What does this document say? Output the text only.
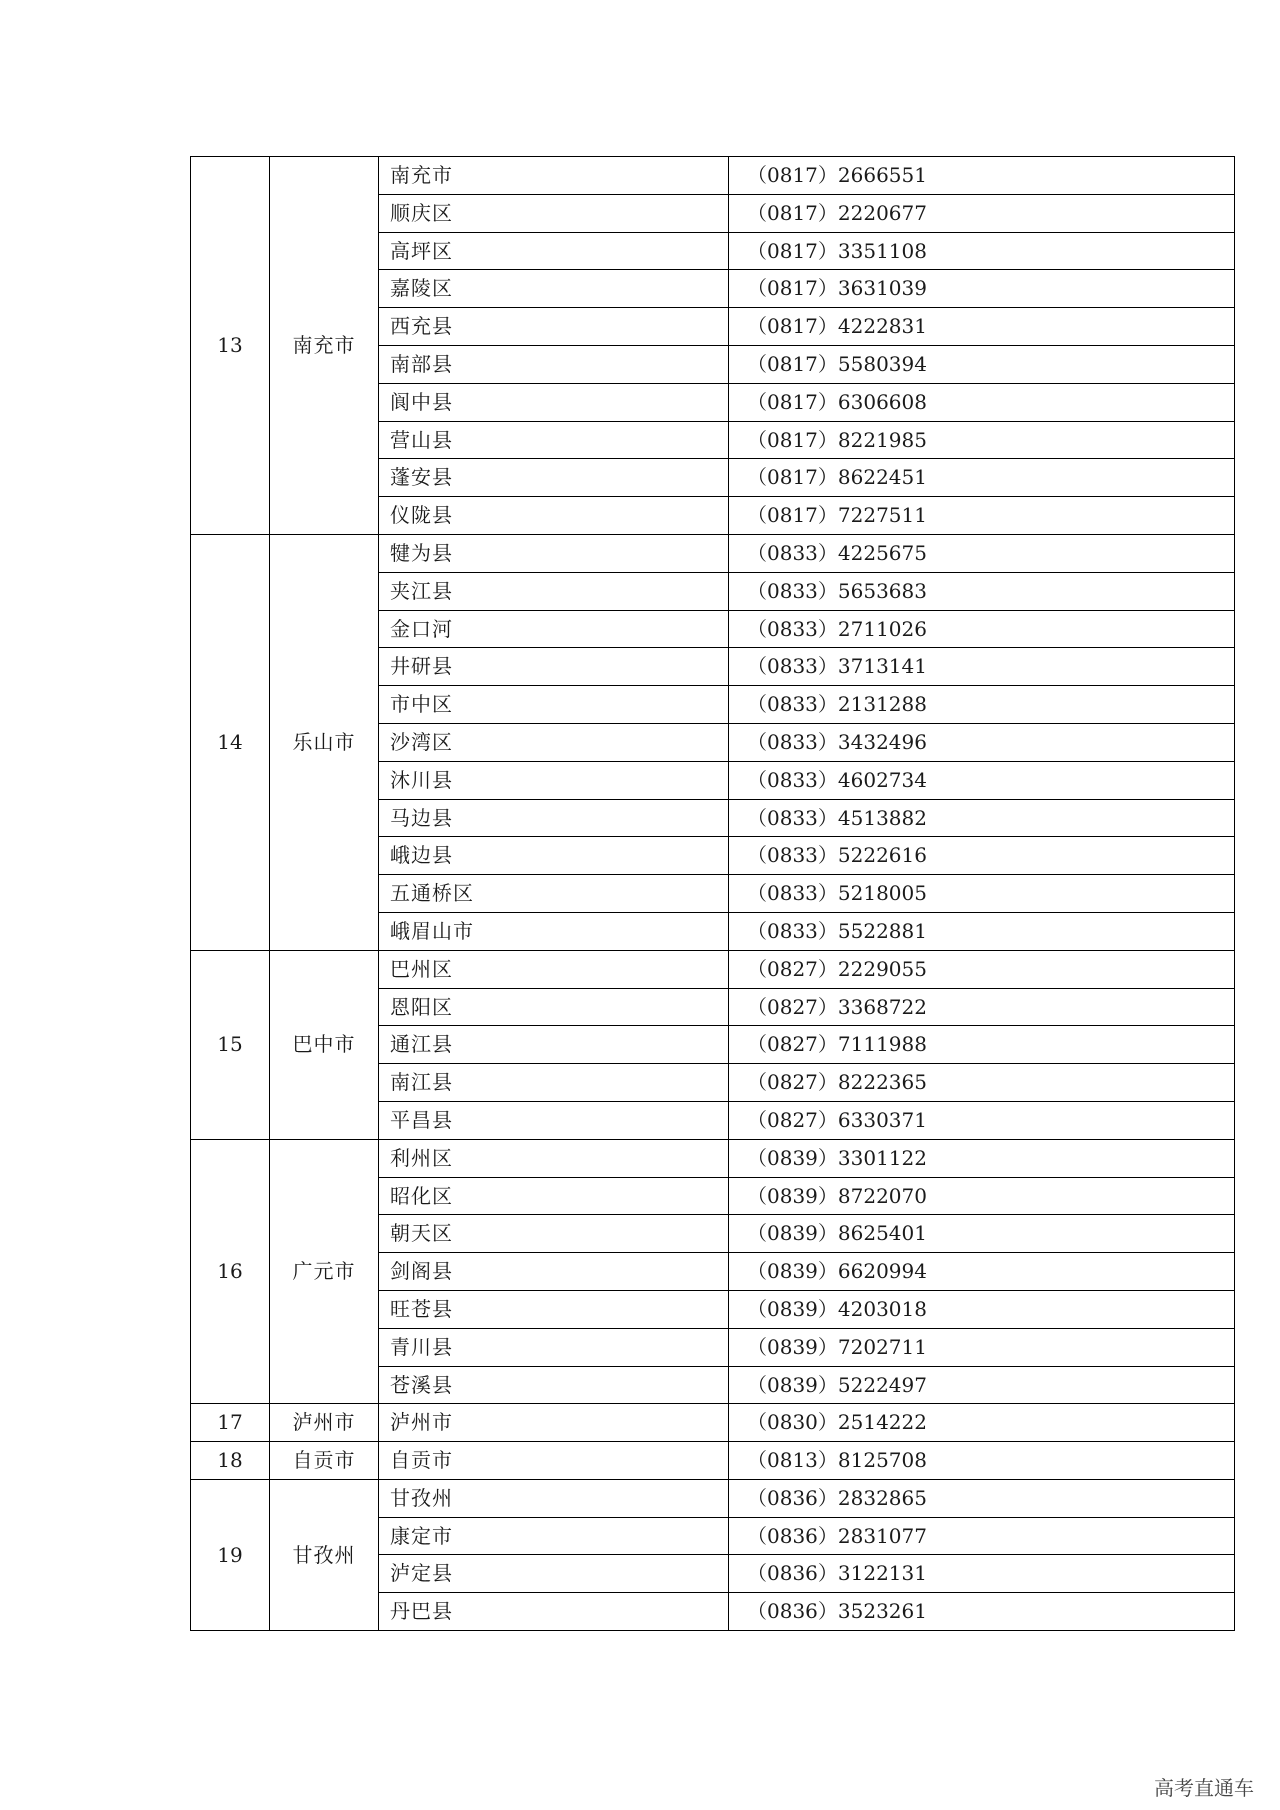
13	南充市	南充市	（0817）2666551
		顺庆区	（0817）2220677
		高坪区	（0817）3351108
		嘉陵区	（0817）3631039
		西充县	（0817）4222831
		南部县	（0817）5580394
		阆中县	（0817）6306608
		营山县	（0817）8221985
		蓬安县	（0817）8622451
		仪陇县	（0817）7227511
14	乐山市	犍为县	（0833）4225675
		夹江县	（0833）5653683
		金口河	（0833）2711026
		井研县	（0833）3713141
		市中区	（0833）2131288
		沙湾区	（0833）3432496
		沐川县	（0833）4602734
		马边县	（0833）4513882
		峨边县	（0833）5222616
		五通桥区	（0833）5218005
		峨眉山市	（0833）5522881
15	巴中市	巴州区	（0827）2229055
		恩阳区	（0827）3368722
		通江县	（0827）7111988
		南江县	（0827）8222365
		平昌县	（0827）6330371
16	广元市	利州区	（0839）3301122
		昭化区	（0839）8722070
		朝天区	（0839）8625401
		剑阁县	（0839）6620994
		旺苍县	（0839）4203018
		青川县	（0839）7202711
		苍溪县	（0839）5222497
17	泸州市	泸州市	（0830）2514222
18	自贡市	自贡市	（0813）8125708
19	甘孜州	甘孜州	（0836）2832865
		康定市	（0836）2831077
		泸定县	（0836）3122131
		丹巴县	（0836）3523261
高考直通车
